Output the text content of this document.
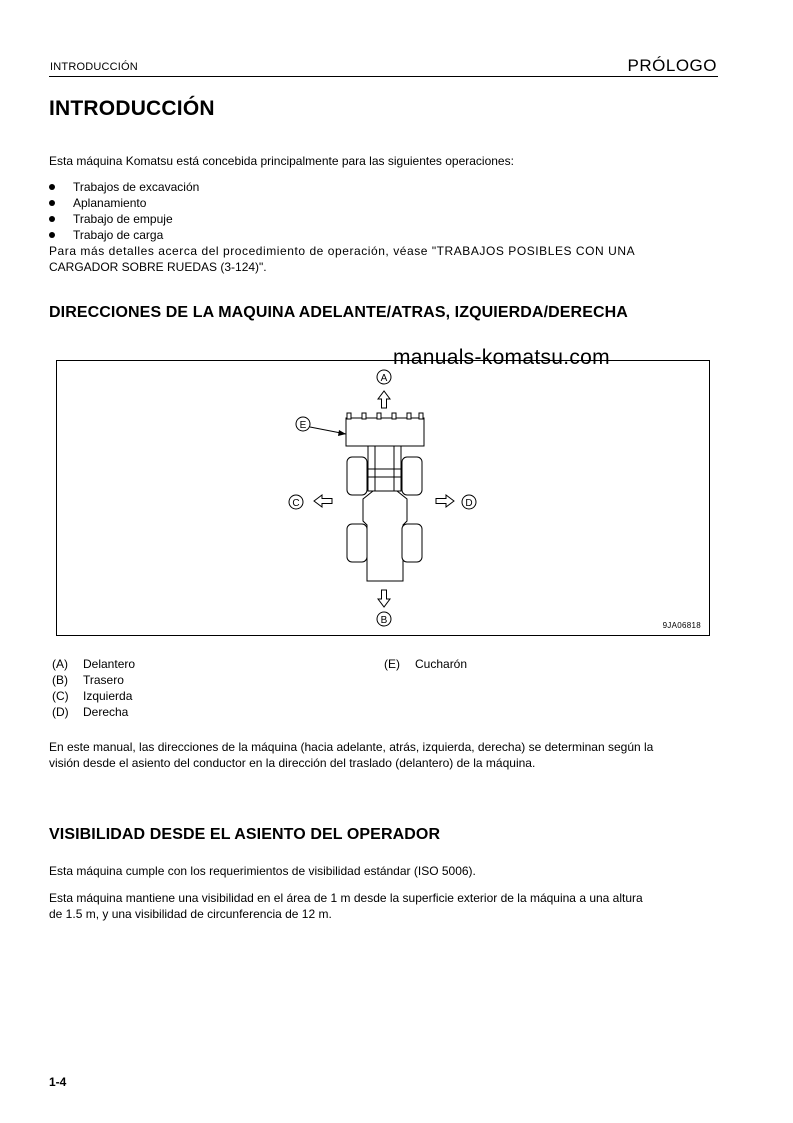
INTRODUCCIÓN	PRÓLOGO
INTRODUCCIÓN
Esta máquina Komatsu está concebida principalmente para las siguientes operaciones:
Trabajos de excavación
Aplanamiento
Trabajo de empuje
Trabajo de carga
Para más detalles acerca del procedimiento de operación, véase "TRABAJOS POSIBLES CON UNA
CARGADOR SOBRE RUEDAS (3-124)".
DIRECCIONES DE LA MAQUINA ADELANTE/ATRAS, IZQUIERDA/DERECHA
A
B
C	D
E
9JA06818
manuals-komatsu.com
(A) Delantero
(B) Trasero
(C) Izquierda
(D) Derecha
(E) Cucharón
En este manual, las direcciones de la máquina (hacia adelante, atrás, izquierda, derecha) se determinan según la
visión desde el asiento del conductor en la dirección del traslado (delantero) de la máquina.
VISIBILIDAD DESDE EL ASIENTO DEL OPERADOR
Esta máquina cumple con los requerimientos de visibilidad estándar (ISO 5006).
Esta máquina mantiene una visibilidad en el área de 1 m desde la superficie exterior de la máquina a una altura
de 1.5 m, y una visibilidad de circunferencia de 12 m.
1-4
